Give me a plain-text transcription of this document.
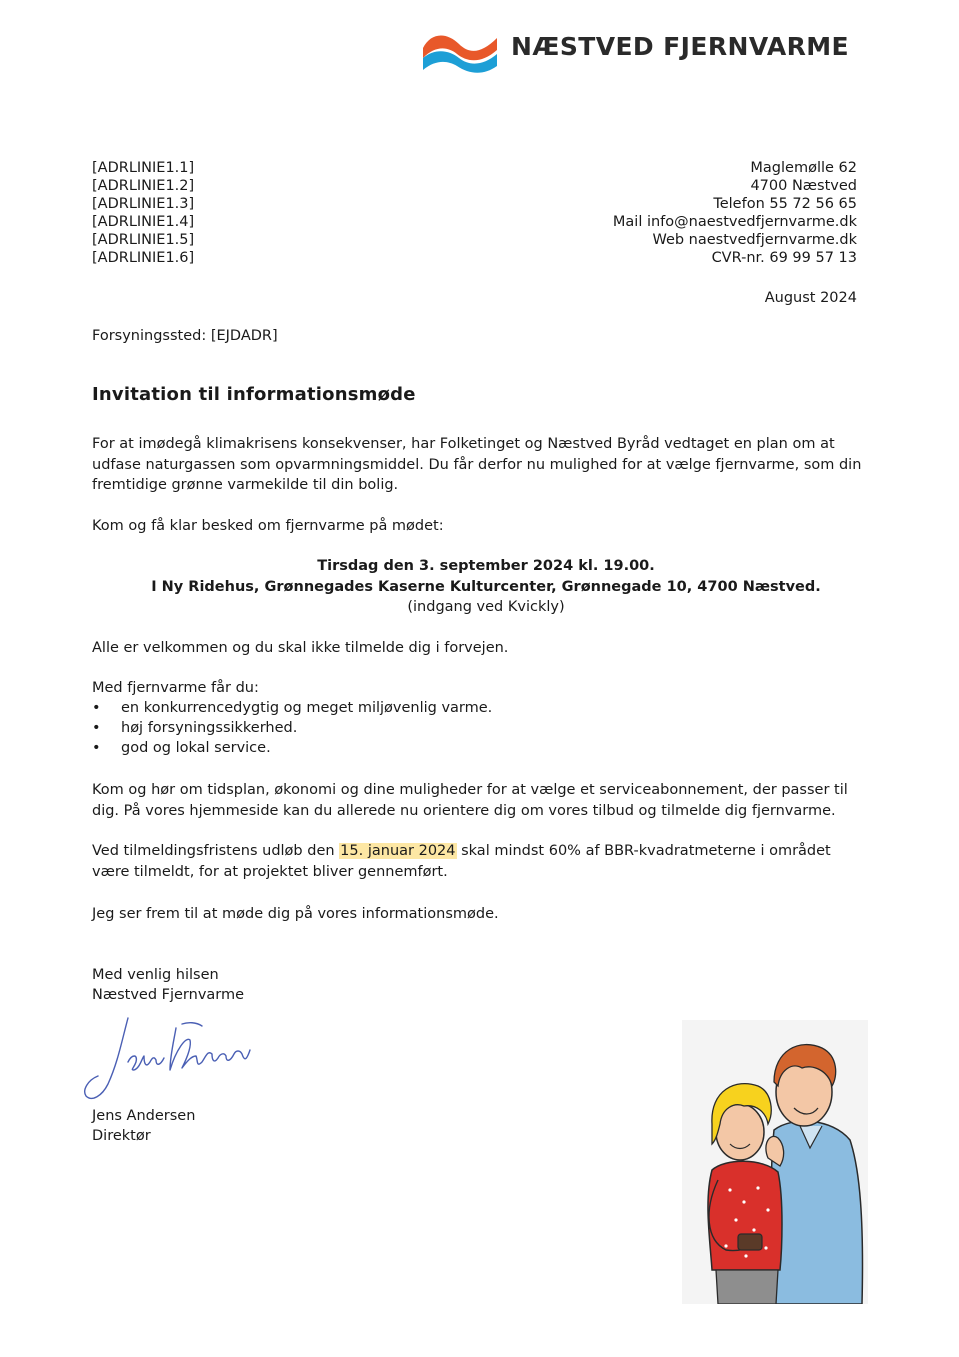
NÆSTVED FJERNVARME
[ADRLINIE1.1]
[ADRLINIE1.2]
[ADRLINIE1.3]
[ADRLINIE1.4]
[ADRLINIE1.5]
[ADRLINIE1.6]
Maglemølle 62
4700 Næstved
Telefon 55 72 56 65
Mail info@naestvedfjernvarme.dk
Web naestvedfjernvarme.dk
CVR-nr. 69 99 57 13
August 2024
Forsyningssted: [EJDADR]
Invitation til informationsmøde
For at imødegå klimakrisens konsekvenser, har Folketinget og Næstved Byråd vedtaget en plan om at
udfase naturgassen som opvarmningsmiddel. Du får derfor nu mulighed for at vælge fjernvarme, som din
fremtidige grønne varmekilde til din bolig.
Kom og få klar besked om fjernvarme på mødet:
Tirsdag den 3. september 2024 kl. 19.00.
I Ny Ridehus, Grønnegades Kaserne Kulturcenter, Grønnegade 10, 4700 Næstved.
(indgang ved Kvickly)
Alle er velkommen og du skal ikke tilmelde dig i forvejen.
Med fjernvarme får du:
• en konkurrencedygtig og meget miljøvenlig varme.
• høj forsyningssikkerhed.
• god og lokal service.
Kom og hør om tidsplan, økonomi og dine muligheder for at vælge et serviceabonnement, der passer til
dig. På vores hjemmeside kan du allerede nu orientere dig om vores tilbud og tilmelde dig fjernvarme.
Ved tilmeldingsfristens udløb den 15. januar 2024 skal mindst 60% af BBR-kvadratmeterne i området
være tilmeldt, for at projektet bliver gennemført.
Jeg ser frem til at møde dig på vores informationsmøde.
Med venlig hilsen
Næstved Fjernvarme
Jens Andersen
Direktør
